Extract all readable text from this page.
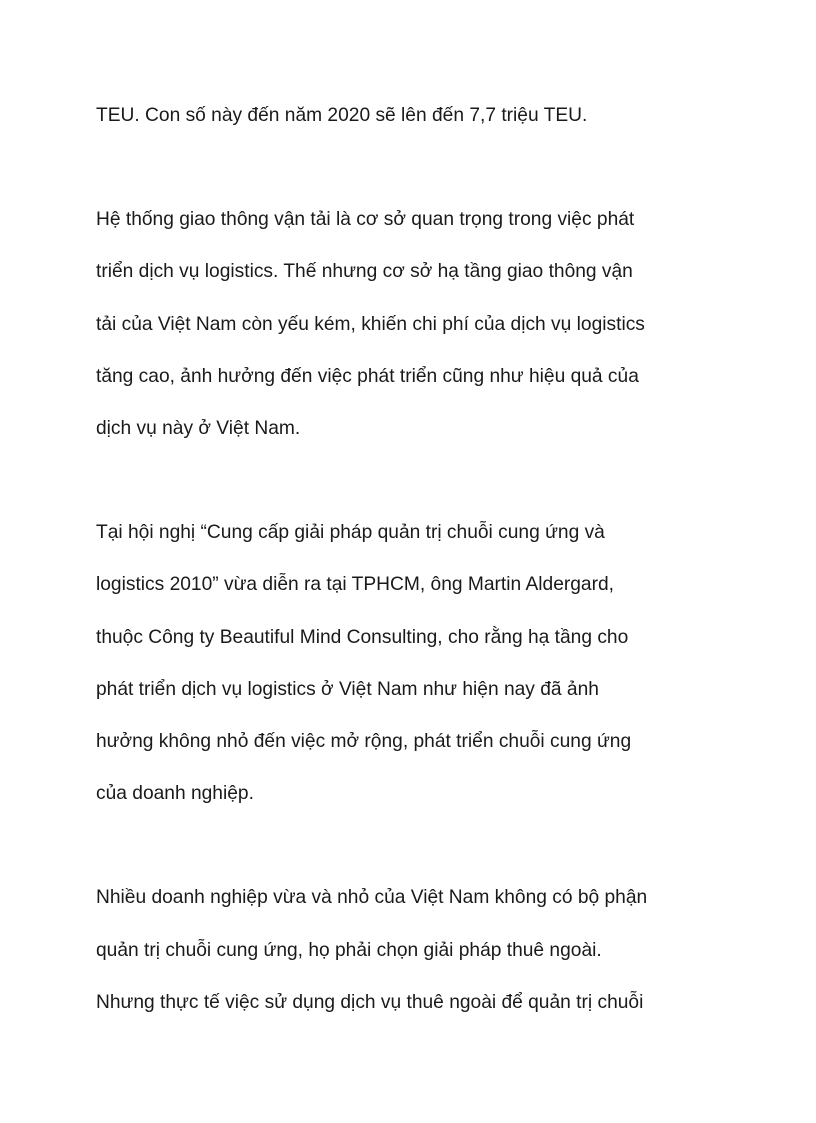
TEU. Con số này đến năm 2020 sẽ lên đến 7,7 triệu TEU.
Hệ thống giao thông vận tải là cơ sở quan trọng trong việc phát
triển dịch vụ logistics. Thế nhưng cơ sở hạ tầng giao thông vận
tải của Việt Nam còn yếu kém, khiến chi phí của dịch vụ logistics
tăng cao, ảnh hưởng đến việc phát triển cũng như hiệu quả của
dịch vụ này ở Việt Nam.
Tại hội nghị “Cung cấp giải pháp quản trị chuỗi cung ứng và
logistics 2010” vừa diễn ra tại TPHCM, ông Martin Aldergard,
thuộc Công ty Beautiful Mind Consulting, cho rằng hạ tầng cho
phát triển dịch vụ logistics ở Việt Nam như hiện nay đã ảnh
hưởng không nhỏ đến việc mở rộng, phát triển chuỗi cung ứng
của doanh nghiệp.
Nhiều doanh nghiệp vừa và nhỏ của Việt Nam không có bộ phận
quản trị chuỗi cung ứng, họ phải chọn giải pháp thuê ngoài.
Nhưng thực tế việc sử dụng dịch vụ thuê ngoài để quản trị chuỗi
